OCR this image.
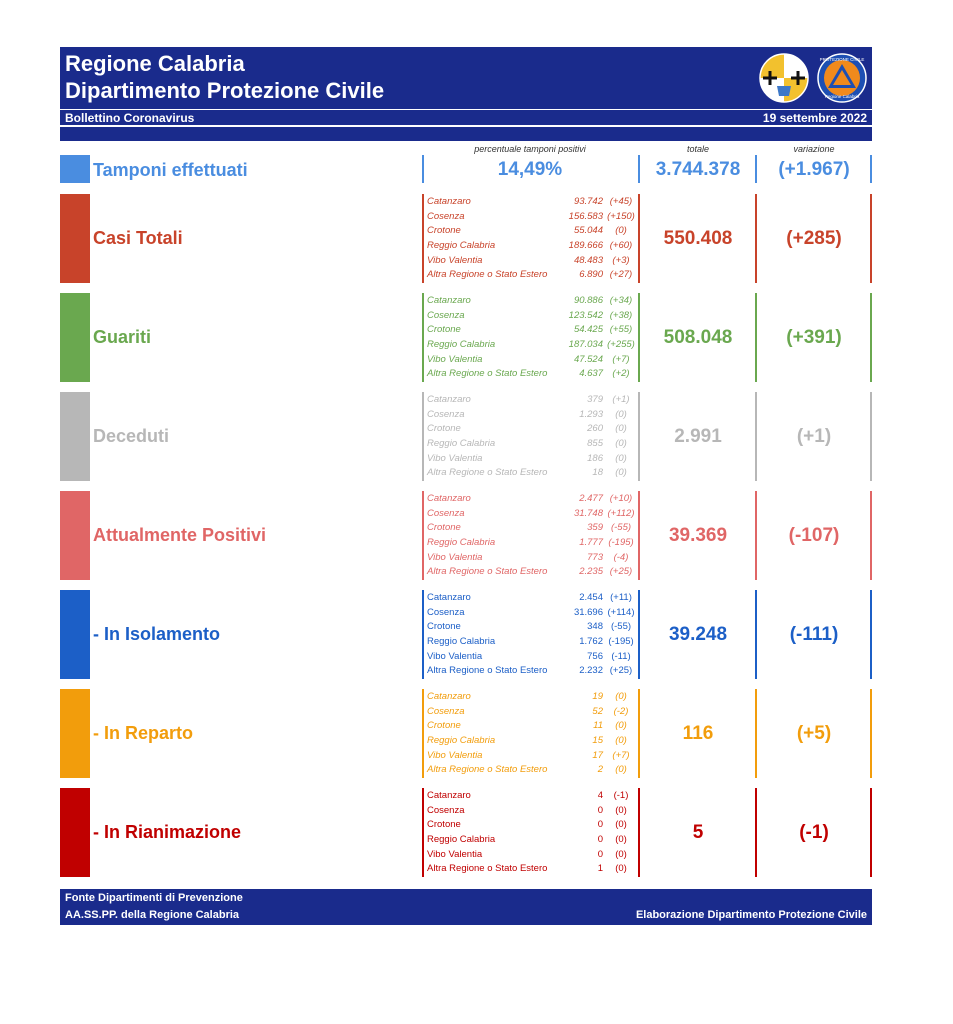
Regione Calabria
Dipartimento Protezione Civile
PROTEZIONE CIVILE
Regione Calabria
Bollettino Coronavirus	19 settembre 2022
percentuale tamponi positivi	totale	variazione
Tamponi effettuati	14,49%	3.744.378	(+1.967)
Casi Totali
Catanzaro	93.742 (+45)
Cosenza	156.583 (+150)
Crotone	55.044	(0)
Reggio Calabria	189.666 (+60)
Vibo Valentia	48.483 (+3)
Altra Regione o Stato Estero	6.890 (+27)
550.408	(+285)
Guariti
Catanzaro	90.886 (+34)
Cosenza	123.542 (+38)
Crotone	54.425 (+55)
Reggio Calabria	187.034 (+255)
Vibo Valentia	47.524 (+7)
Altra Regione o Stato Estero	4.637 (+2)
508.048	(+391)
Deceduti
Catanzaro	379 (+1)
Cosenza	1.293	(0)
Crotone	260	(0)
Reggio Calabria	855	(0)
Vibo Valentia	186	(0)
Altra Regione o Stato Estero	18	(0)
2.991	(+1)
Attualmente Positivi
Catanzaro	2.477 (+10)
Cosenza	31.748 (+112)
Crotone	359 (-55)
Reggio Calabria	1.777 (-195)
Vibo Valentia	773	(-4)
Altra Regione o Stato Estero	2.235 (+25)
39.369	(-107)
- In Isolamento
Catanzaro	2.454 (+11)
Cosenza	31.696 (+114)
Crotone	348 (-55)
Reggio Calabria	1.762 (-195)
Vibo Valentia	756 (-11)
Altra Regione o Stato Estero	2.232 (+25)
39.248	(-111)
- In Reparto
Catanzaro	19	(0)
Cosenza	52	(-2)
Crotone	11	(0)
Reggio Calabria	15	(0)
Vibo Valentia	17 (+7)
Altra Regione o Stato Estero	2	(0)
116	(+5)
- In Rianimazione
Catanzaro	4	(-1)
Cosenza	0	(0)
Crotone	0	(0)
Reggio Calabria	0	(0)
Vibo Valentia	0	(0)
Altra Regione o Stato Estero	1	(0)
5	(-1)
Fonte Dipartimenti di Prevenzione
AA.SS.PP. della Regione Calabria	Elaborazione Dipartimento Protezione Civile
